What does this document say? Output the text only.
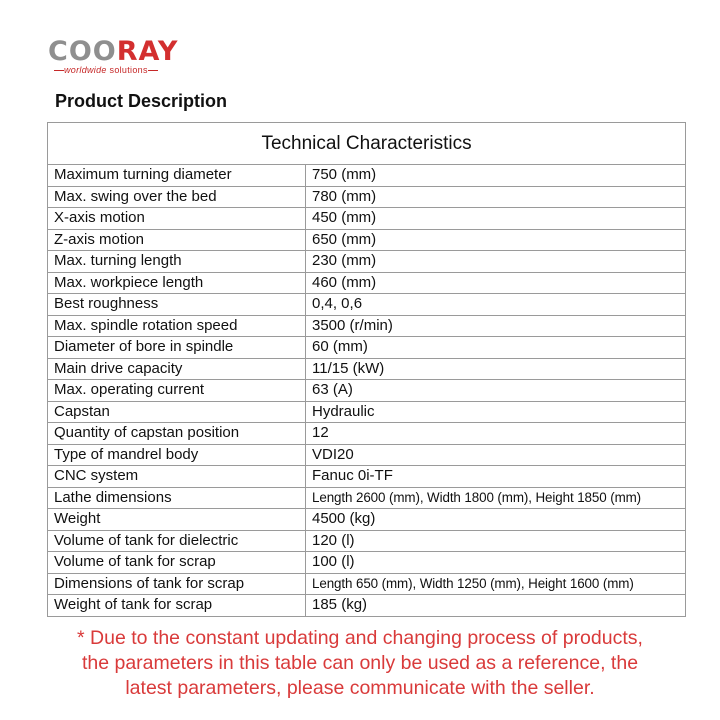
COO RAY
worldwide solutions
Product Description
Technical Characteristics	
Maximum turning diameter	750 (mm)
Max. swing over the bed	780 (mm)
X-axis motion	450 (mm)
Z-axis motion	650 (mm)
Max. turning length	230 (mm)
Max. workpiece length	460 (mm)
Best roughness	0,4, 0,6
Max. spindle rotation speed	3500 (r/min)
Diameter of bore in spindle	60 (mm)
Main drive capacity	11/15 (kW)
Max. operating current	63 (A)
Capstan	Hydraulic
Quantity of capstan position	12
Type of mandrel body	VDI20
CNC system	Fanuc 0i-TF
Lathe dimensions	Length 2600 (mm), Width 1800 (mm), Height 1850 (mm)
Weight	4500 (kg)
Volume of tank for dielectric	120 (l)
Volume of tank for scrap	100 (l)
Dimensions of tank for scrap	Length 650 (mm), Width 1250 (mm), Height 1600 (mm)
Weight of tank for scrap	185 (kg)
* Due to the constant updating and changing process of products,
the parameters in this table can only be used as a reference, the
latest parameters, please communicate with the seller.
